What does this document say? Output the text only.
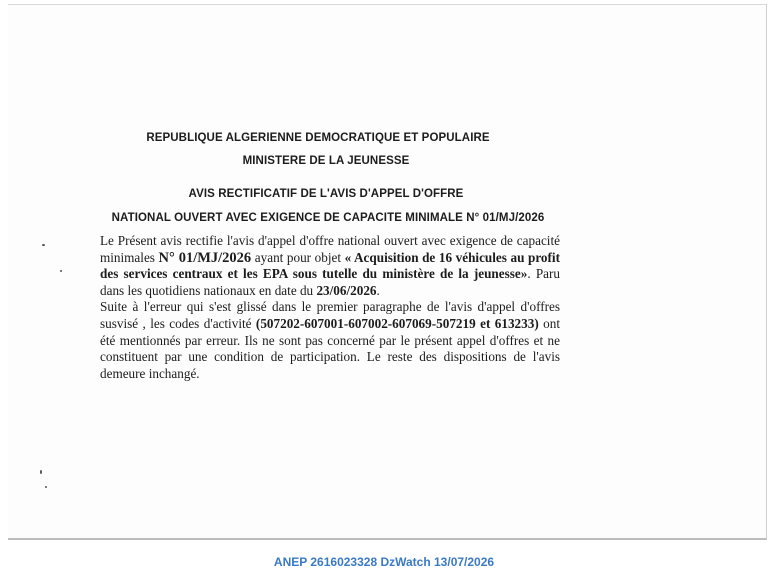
REPUBLIQUE ALGERIENNE DEMOCRATIQUE ET POPULAIRE
MINISTERE DE LA JEUNESSE
AVIS RECTIFICATIF DE L'AVIS D'APPEL D'OFFRE
NATIONAL OUVERT AVEC EXIGENCE DE CAPACITE MINIMALE N° 01/MJ/2026

Le Présent avis rectifie l'avis d'appel d'offre national ouvert avec exigence de capacité minimales N° 01/MJ/2026 ayant pour objet « Acquisition de 16 véhicules au profit des services centraux et les EPA sous tutelle du ministère de la jeunesse». Paru dans les quotidiens nationaux en date du 23/06/2026.

Suite à l'erreur qui s'est glissé dans le premier paragraphe de l'avis d'appel d'offres susvisé , les codes d'activité (507202-607001-607002-607069-507219 et 613233) ont été mentionnés par erreur. Ils ne sont pas concerné par le présent appel d'offres et ne constituent par une condition de participation. Le reste des dispositions de l'avis demeure inchangé.

ANEP 2616023328 DzWatch 13/07/2026
